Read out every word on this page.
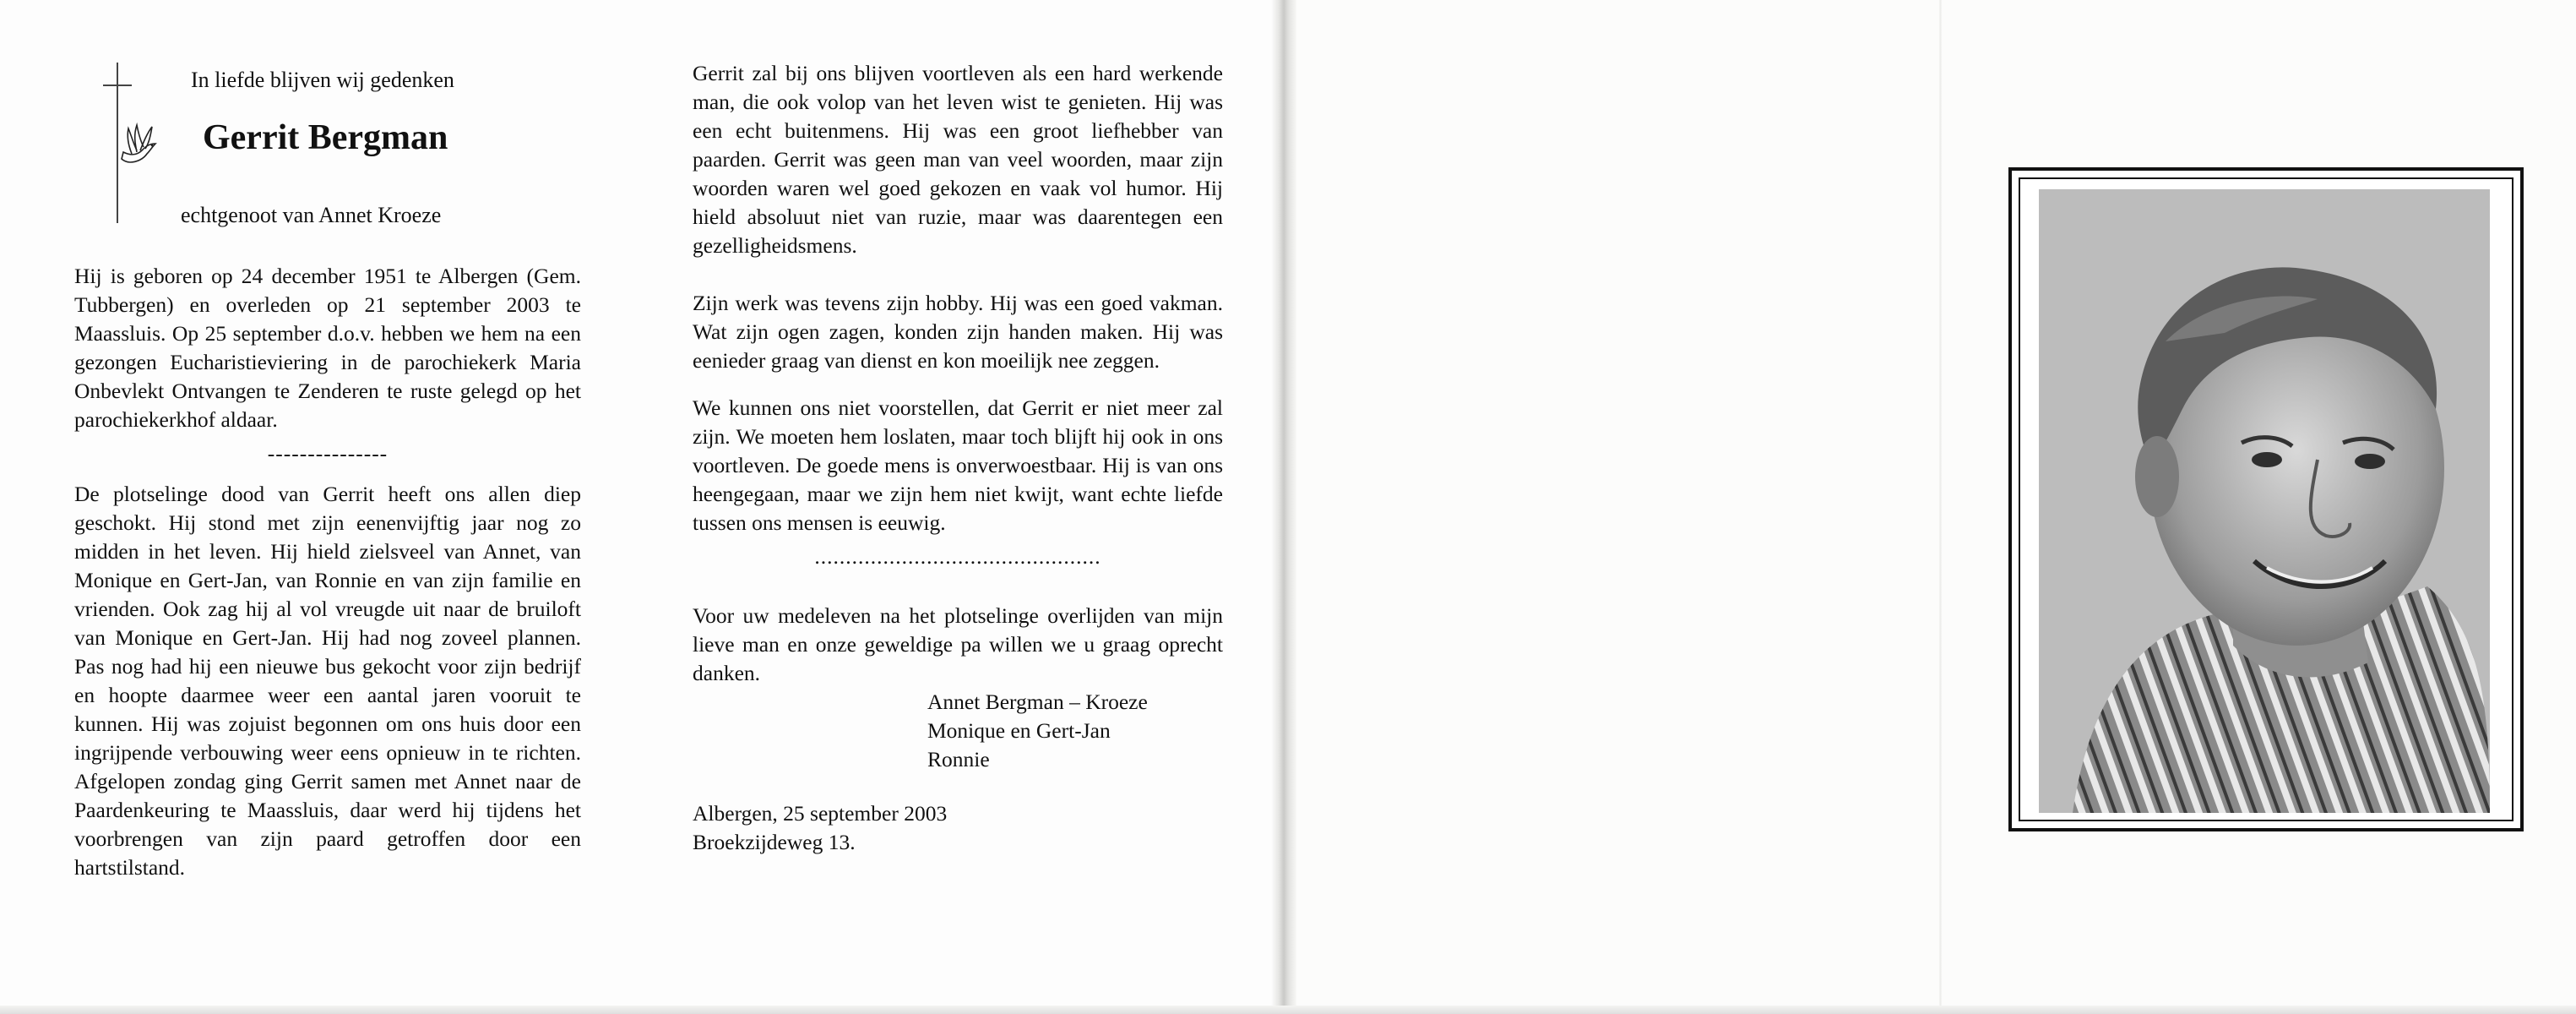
In liefde blijven wij gedenken
Gerrit Bergman
echtgenoot van Annet Kroeze

Hij is geboren op 24 december 1951 te Albergen (Gem. Tubbergen) en overleden op 21 september 2003 te Maassluis. Op 25 september d.o.v. hebben we hem na een gezongen Eucharistieviering in de parochiekerk Maria Onbevlekt Ontvangen te Zenderen te ruste gelegd op het parochiekerkhof aldaar.

---------------

De plotselinge dood van Gerrit heeft ons allen diep geschokt. Hij stond met zijn eenenvijftig jaar nog zo midden in het leven. Hij hield zielsveel van Annet, van Monique en Gert-Jan, van Ronnie en van zijn familie en vrienden. Ook zag hij al vol vreugde uit naar de bruiloft van Monique en Gert-Jan. Hij had nog zoveel plannen. Pas nog had hij een nieuwe bus gekocht voor zijn bedrijf en hoopte daarmee weer een aantal jaren vooruit te kunnen. Hij was zojuist begonnen om ons huis door een ingrijpende verbouwing weer eens opnieuw in te richten. Afgelopen zondag ging Gerrit samen met Annet naar de Paardenkeuring te Maassluis, daar werd hij tijdens het voorbrengen van zijn paard getroffen door een hartstilstand.

Gerrit zal bij ons blijven voortleven als een hard werkende man, die ook volop van het leven wist te genieten. Hij was een echt buitenmens. Hij was een groot liefhebber van paarden. Gerrit was geen man van veel woorden, maar zijn woorden waren wel goed gekozen en vaak vol humor. Hij hield absoluut niet van ruzie, maar was daarentegen een gezelligheidsmens.

Zijn werk was tevens zijn hobby. Hij was een goed vakman. Wat zijn ogen zagen, konden zijn handen maken. Hij was eenieder graag van dienst en kon moeilijk nee zeggen.

We kunnen ons niet voorstellen, dat Gerrit er niet meer zal zijn. We moeten hem loslaten, maar toch blijft hij ook in ons voortleven. De goede mens is onverwoestbaar. Hij is van ons heengegaan, maar we zijn hem niet kwijt, want echte liefde tussen ons mensen is eeuwig.

..............................................

Voor uw medeleven na het plotselinge overlijden van mijn lieve man en onze geweldige pa willen we u graag oprecht danken.

Annet Bergman – Kroeze
Monique en Gert-Jan
Ronnie
Albergen, 25 september 2003
Broekzijdeweg 13.
